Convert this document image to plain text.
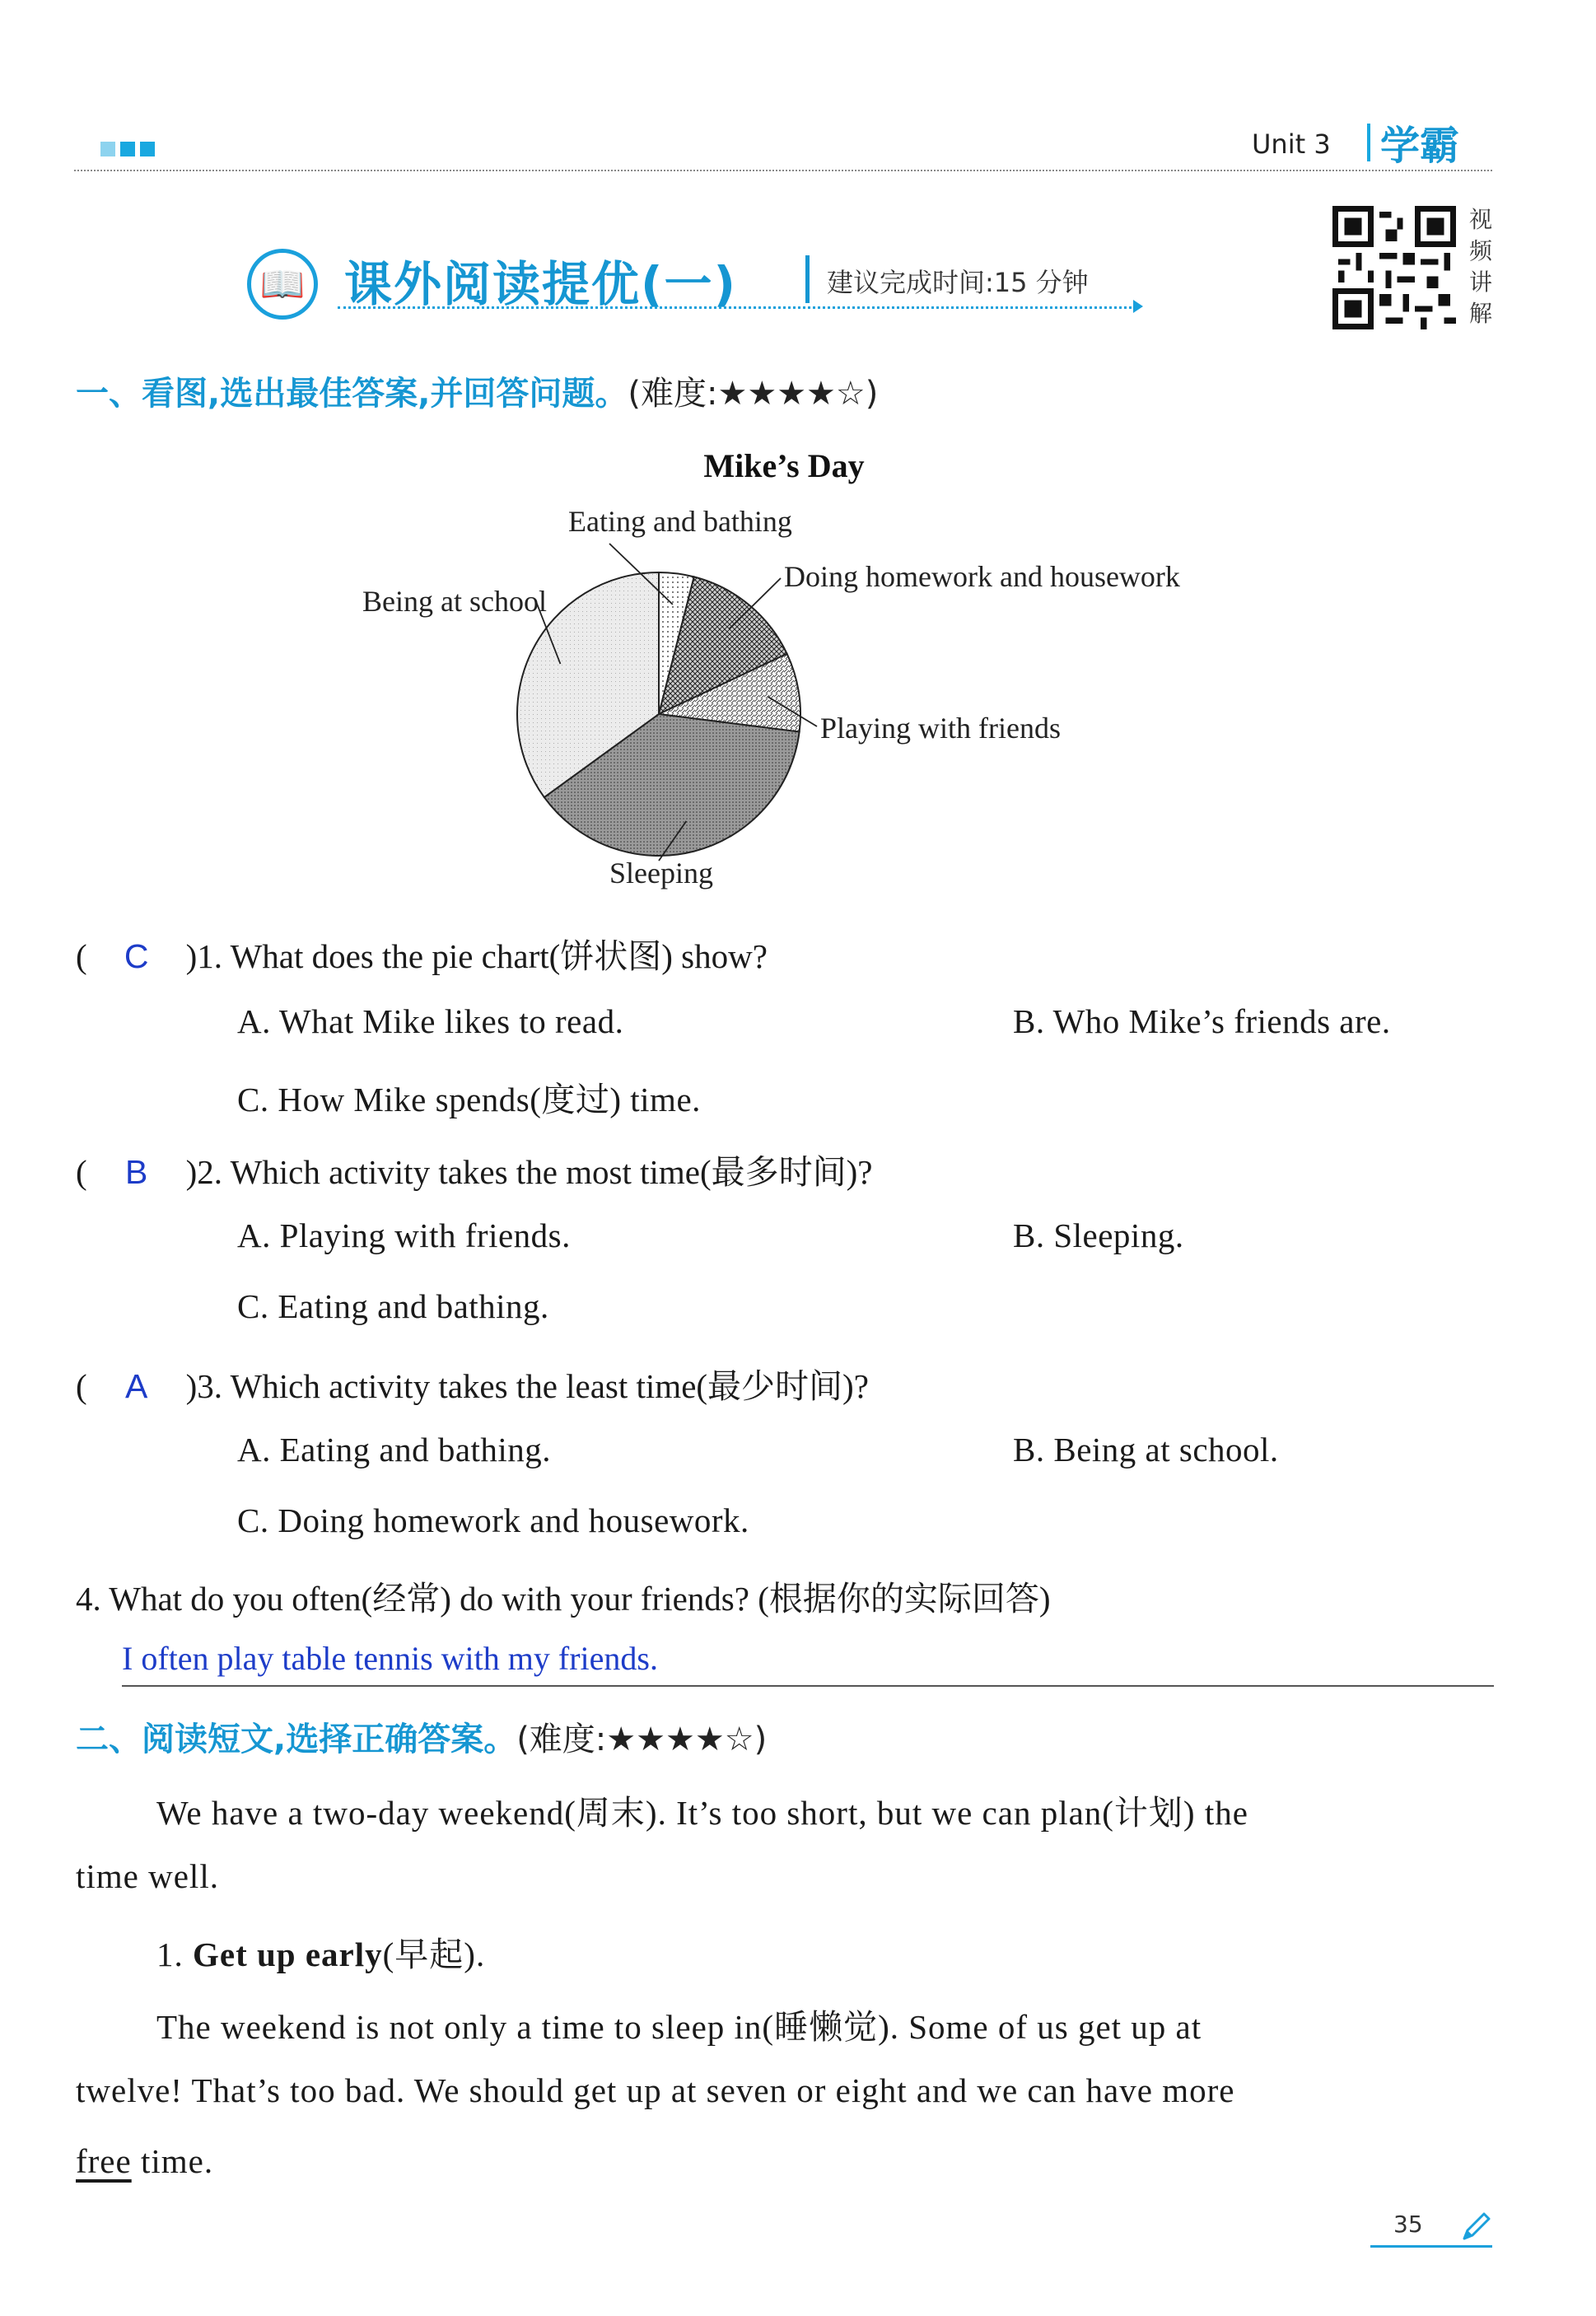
Unit 3 学霸
📖 课外阅读提优(一)	建议完成时间:15 分钟
视
频
讲
解
一、看图,选出最佳答案,并回答问题。(难度:★★★★☆)
Mike’s Day
Eating and bathing
Doing homework and housework
Playing with friends
Sleeping
Being at school
( C )1. What does the pie chart(饼状图) show?
A. What Mike likes to read.	B. Who Mike’s friends are.
C. How Mike spends(度过) time.
( B )2. Which activity takes the most time(最多时间)?
A. Playing with friends.	B. Sleeping.
C. Eating and bathing.
( A )3. Which activity takes the least time(最少时间)?
A. Eating and bathing.	B. Being at school.
C. Doing homework and housework.
4. What do you often(经常) do with your friends? (根据你的实际回答)
I often play table tennis with my friends.
二、阅读短文,选择正确答案。(难度:★★★★☆)
We have a two-day weekend(周末). It’s too short, but we can plan(计划) the
time well.
1. Get up early(早起).
The weekend is not only a time to sleep in(睡懒觉). Some of us get up at
twelve! That’s too bad. We should get up at seven or eight and we can have more
free time.
35
